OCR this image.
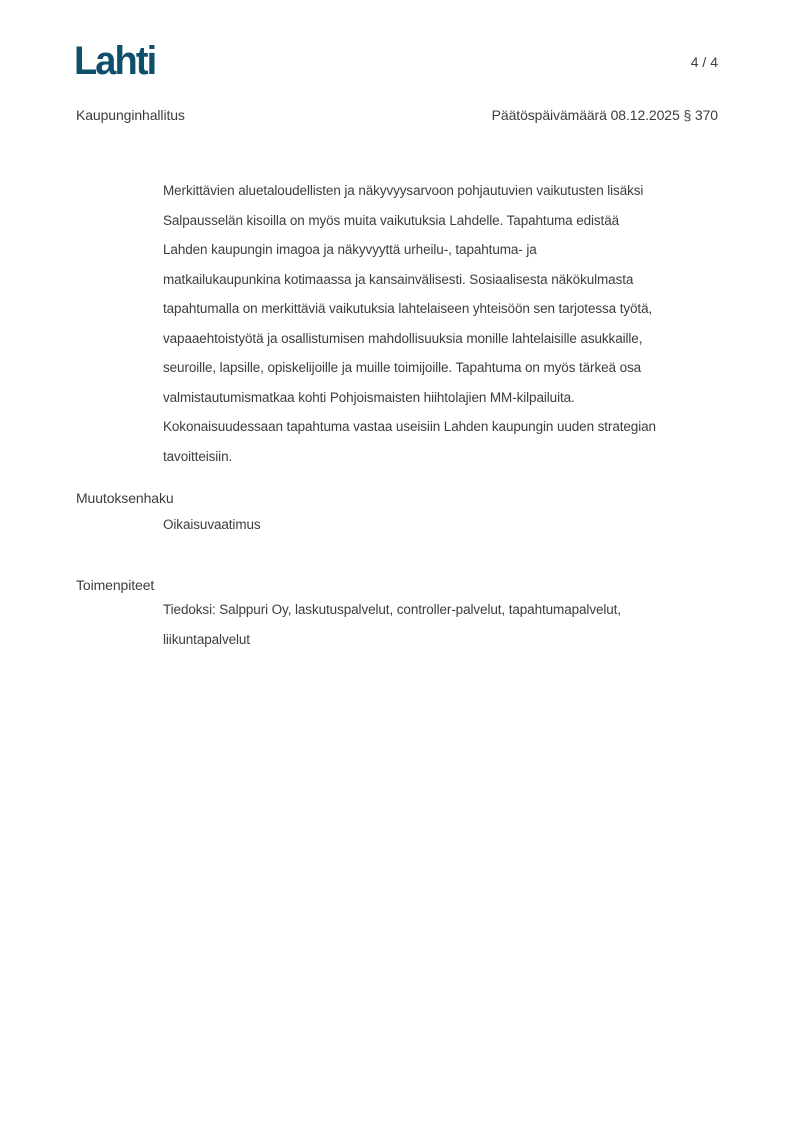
Lahti	4 / 4
Kaupunginhallitus	Päätöspäivämäärä 08.12.2025 § 370
Merkittävien aluetaloudellisten ja näkyvyysarvoon pohjautuvien vaikutusten lisäksi
Salpausselän kisoilla on myös muita vaikutuksia Lahdelle. Tapahtuma edistää
Lahden kaupungin imagoa ja näkyvyyttä urheilu-, tapahtuma- ja
matkailukaupunkina kotimaassa ja kansainvälisesti. Sosiaalisesta näkökulmasta
tapahtumalla on merkittäviä vaikutuksia lahtelaiseen yhteisöön sen tarjotessa työtä,
vapaaehtoistyötä ja osallistumisen mahdollisuuksia monille lahtelaisille asukkaille,
seuroille, lapsille, opiskelijoille ja muille toimijoille. Tapahtuma on myös tärkeä osa
valmistautumismatkaa kohti Pohjoismaisten hiihtolajien MM-kilpailuita.
Kokonaisuudessaan tapahtuma vastaa useisiin Lahden kaupungin uuden strategian
tavoitteisiin.
Muutoksenhaku
Oikaisuvaatimus
Toimenpiteet
Tiedoksi: Salppuri Oy, laskutuspalvelut, controller-palvelut, tapahtumapalvelut,
liikuntapalvelut
